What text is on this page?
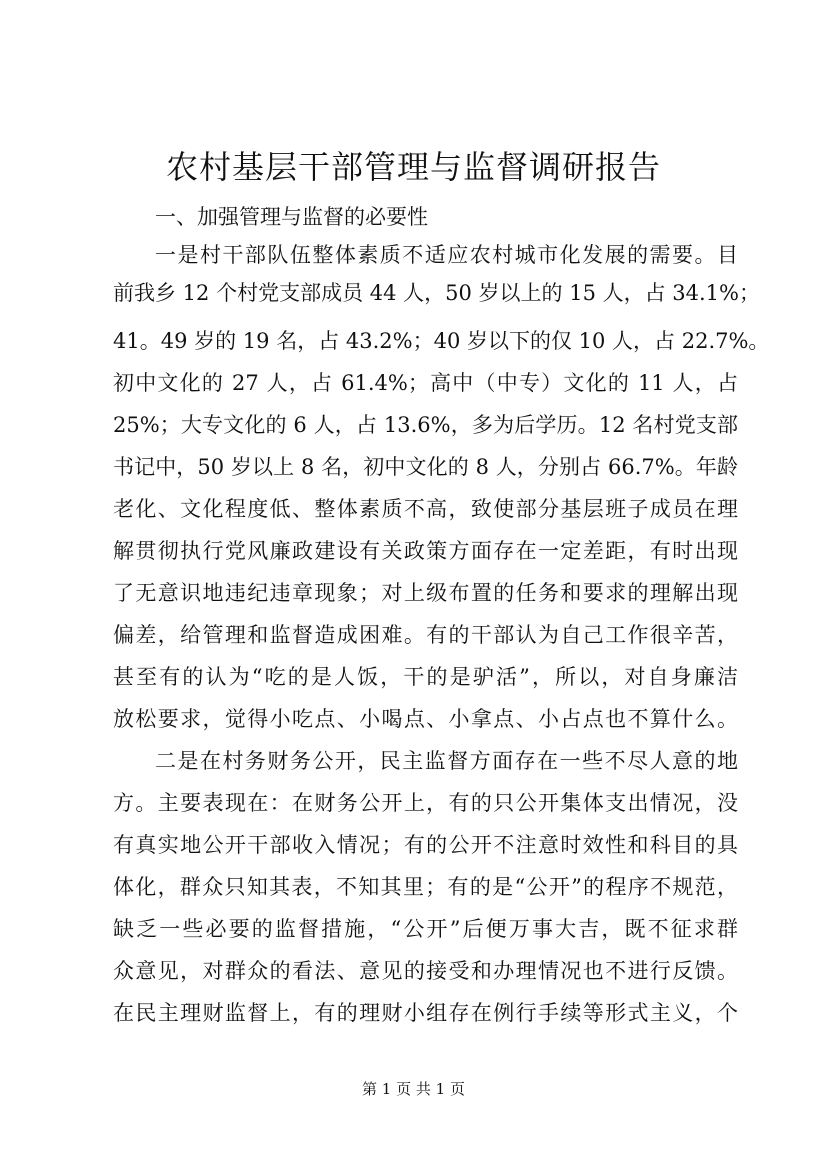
农村基层干部管理与监督调研报告

一、加强管理与监督的必要性

一是村干部队伍整体素质不适应农村城市化发展的需要。目

前我乡 12 个村党支部成员 44 人，50 岁以上的 15 人，占 34.1%；

41。49 岁的 19 名，占 43.2%；40 岁以下的仅 10 人，占 22.7%。

初中文化的 27 人，占 61.4%；高中（中专）文化的 11 人，占

25%；大专文化的 6 人，占 13.6%，多为后学历。12 名村党支部

书记中，50 岁以上 8 名，初中文化的 8 人，分别占 66.7%。年龄

老化、文化程度低、整体素质不高，致使部分基层班子成员在理

解贯彻执行党风廉政建设有关政策方面存在一定差距，有时出现

了无意识地违纪违章现象；对上级布置的任务和要求的理解出现

偏差，给管理和监督造成困难。有的干部认为自己工作很辛苦，

甚至有的认为“吃的是人饭，干的是驴活”，所以，对自身廉洁

放松要求，觉得小吃点、小喝点、小拿点、小占点也不算什么。

二是在村务财务公开，民主监督方面存在一些不尽人意的地

方。主要表现在：在财务公开上，有的只公开集体支出情况，没

有真实地公开干部收入情况；有的公开不注意时效性和科目的具

体化，群众只知其表，不知其里；有的是“公开”的程序不规范，

缺乏一些必要的监督措施，“公开”后便万事大吉，既不征求群

众意见，对群众的看法、意见的接受和办理情况也不进行反馈。

在民主理财监督上，有的理财小组存在例行手续等形式主义，个

第 1 页 共 1 页
